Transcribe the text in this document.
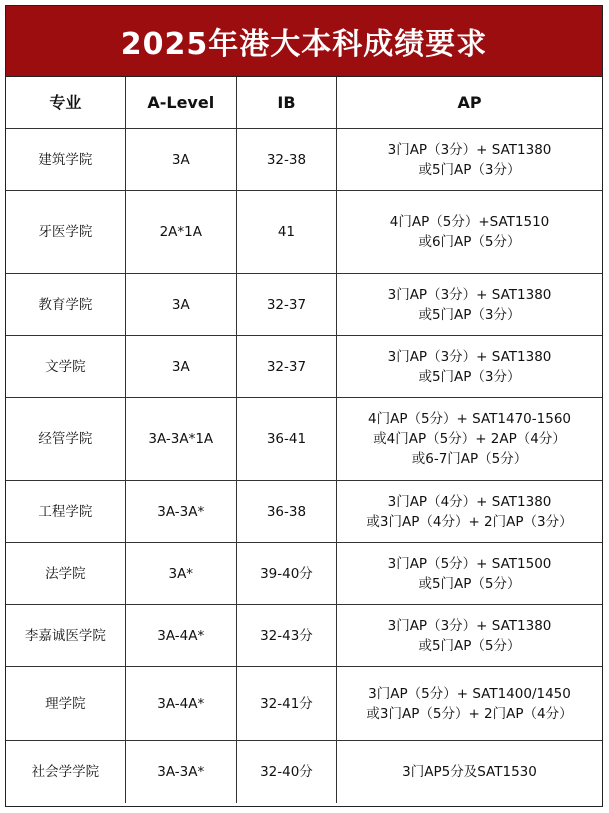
2025年港大本科成绩要求
专业	A-Level	IB	AP
建筑学院	3A	32-38	3门AP（3分）+ SAT1380
或5门AP（3分）

牙医学院	2A*1A	41	4门AP（5分）+SAT1510
或6门AP（5分）

教育学院	3A	32-37	3门AP（3分）+ SAT1380
或5门AP（3分）

文学院	3A	32-37	3门AP（3分）+ SAT1380
或5门AP（3分）

经管学院	3A-3A*1A	36-41	4门AP（5分）+ SAT1470-1560
或4门AP（5分）+ 2AP（4分）
或6-7门AP（5分）

工程学院	3A-3A*	36-38	3门AP（4分）+ SAT1380
或3门AP（4分）+ 2门AP（3分）

法学院	3A*	39-40分	3门AP（5分）+ SAT1500
或5门AP（5分）

李嘉诚医学院	3A-4A*	32-43分	3门AP（3分）+ SAT1380
或5门AP（5分）

理学院	3A-4A*	32-41分	3门AP（5分）+ SAT1400/1450
或3门AP（5分）+ 2门AP（4分）

社会学学院	3A-3A*	32-40分	3门AP5分及SAT1530
